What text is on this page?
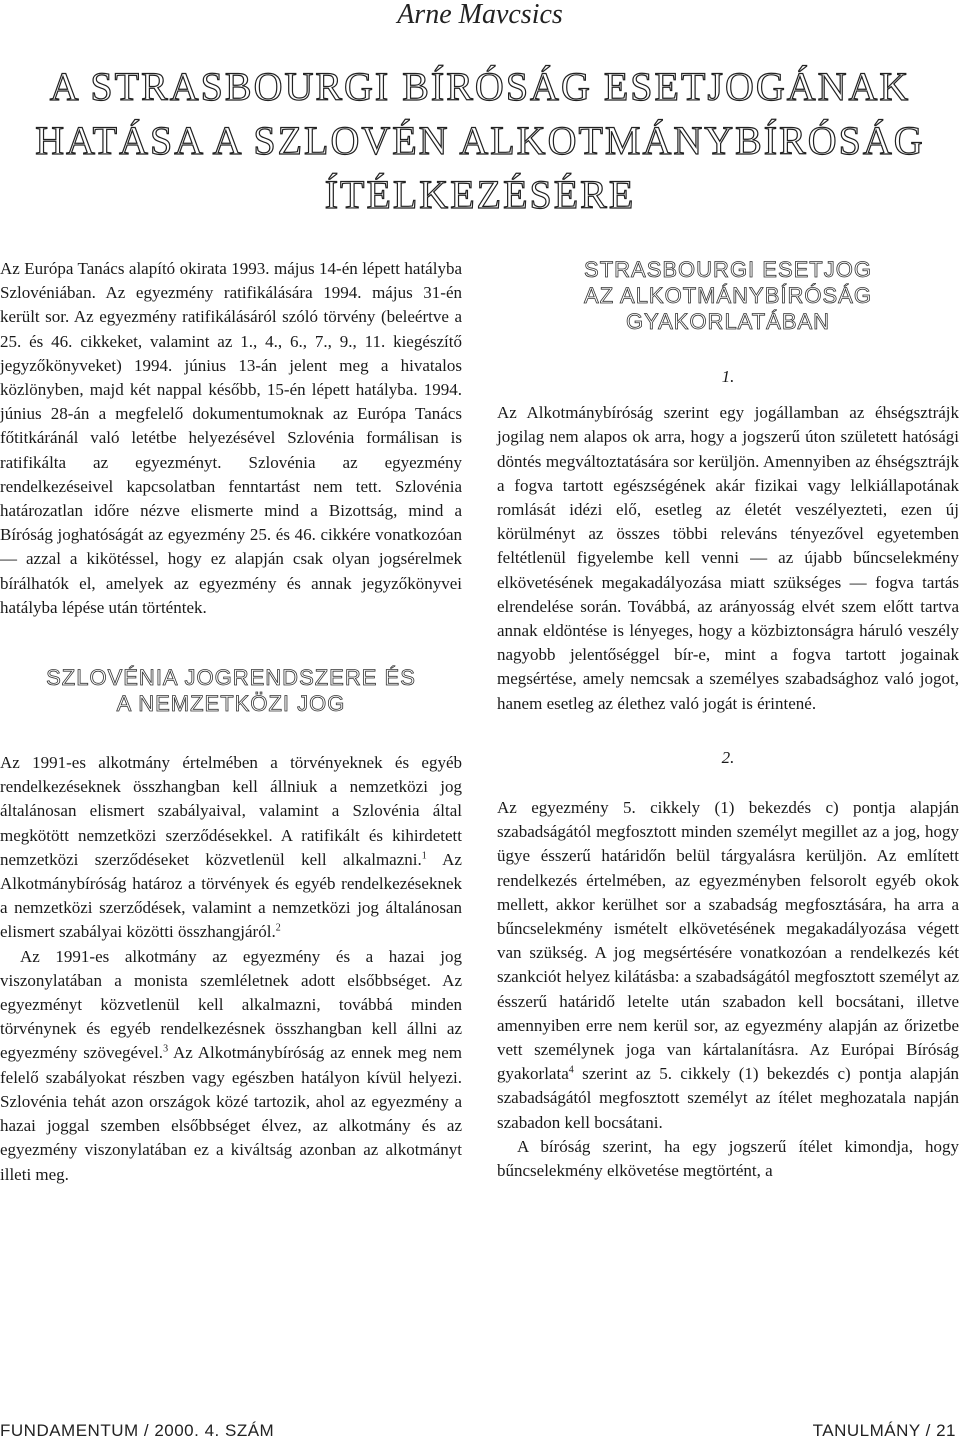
Arne Mavcsics
A STRASBOURGI BÍRÓSÁG ESETJOGÁNAK
HATÁSA A SZLOVÉN ALKOTMÁNYBÍRÓSÁG
ÍTÉLKEZÉSÉRE

Az Európa Tanács alapító okirata 1993. május 14-én lépett hatályba Szlovéniában. Az egyezmény ratifikálására 1994. május 31-én került sor. Az egyezmény ratifikálásáról szóló törvény (beleértve a 25. és 46. cikkeket, valamint az 1., 4., 6., 7., 9., 11. kiegészítő jegyzőkönyveket) 1994. június 13-án jelent meg a hivatalos közlönyben, majd két nappal később, 15-én lépett hatályba. 1994. június 28-án a megfelelő dokumentumoknak az Európa Tanács főtitkáránál való letétbe helyezésével Szlovénia formálisan is ratifikálta az egyezményt. Szlovénia az egyezmény rendelkezéseivel kapcsolatban fenntartást nem tett. Szlovénia határozatlan időre nézve elismerte mind a Bizottság, mind a Bíróság joghatóságát az egyezmény 25. és 46. cikkére vonatkozóan — azzal a kikötéssel, hogy ez alapján csak olyan jogsérelmek bírálhatók el, amelyek az egyezmény és annak jegyzőkönyvei hatályba lépése után történtek.

SZLOVÉNIA JOGRENDSZERE ÉS
A NEMZETKÖZI JOG

Az 1991-es alkotmány értelmében a törvényeknek és egyéb rendelkezéseknek összhangban kell állniuk a nemzetközi jog általánosan elismert szabályaival, valamint a Szlovénia által megkötött nemzetközi szerződésekkel. A ratifikált és kihirdetett nemzetközi szerződéseket közvetlenül kell alkalmazni.$^1$ Az Alkotmánybíróság határoz a törvények és egyéb rendelkezéseknek a nemzetközi szerződések, valamint a nemzetközi jog általánosan elismert szabályai közötti összhangjáról.$^2$

Az 1991-es alkotmány az egyezmény és a hazai jog viszonylatában a monista szemléletnek adott elsőbbséget. Az egyezményt közvetlenül kell alkalmazni, továbbá minden törvénynek és egyéb rendelkezésnek összhangban kell állni az egyezmény szövegével.$^3$ Az Alkotmánybíróság az ennek meg nem felelő szabályokat részben vagy egészben hatályon kívül helyezi. Szlovénia tehát azon országok közé tartozik, ahol az egyezmény a hazai joggal szemben elsőbbséget élvez, az alkotmány és az egyezmény viszonylatában ez a kiváltság azonban az alkotmányt illeti meg.

STRASBOURGI ESETJOG
AZ ALKOTMÁNYBÍRÓSÁG
GYAKORLATÁBAN

1.

Az Alkotmánybíróság szerint egy jogállamban az éhségsztrájk jogilag nem alapos ok arra, hogy a jogszerű úton született hatósági döntés megváltoztatására sor kerüljön. Amennyiben az éhségsztrájk a fogva tartott egészségének akár fizikai vagy lelkiállapotának romlását idézi elő, esetleg az életét veszélyezteti, ezen új körülményt az összes többi releváns tényezővel egyetemben feltétlenül figyelembe kell venni — az újabb bűncselekmény elkövetésének megakadályozása miatt szükséges — fogva tartás elrendelése során. Továbbá, az arányosság elvét szem előtt tartva annak eldöntése is lényeges, hogy a közbiztonságra háruló veszély nagyobb jelentőséggel bír-e, mint a fogva tartott jogainak megsértése, amely nemcsak a személyes szabadsághoz való jogot, hanem esetleg az élethez való jogát is érintené.

2.

Az egyezmény 5. cikkely (1) bekezdés c) pontja alapján szabadságától megfosztott minden személyt megillet az a jog, hogy ügye ésszerű határidőn belül tárgyalásra kerüljön. Az említett rendelkezés értelmében, az egyezményben felsorolt egyéb okok mellett, akkor kerülhet sor a szabadság megfosztására, ha arra a bűncselekmény ismételt elkövetésének megakadályozása végett van szükség. A jog megsértésére vonatkozóan a rendelkezés két szankciót helyez kilátásba: a szabadságától megfosztott személyt az ésszerű határidő letelte után szabadon kell bocsátani, illetve amennyiben erre nem kerül sor, az egyezmény alapján az őrizetbe vett személynek joga van kártalanításra. Az Európai Bíróság gyakorlata$^4$ szerint az 5. cikkely (1) bekezdés c) pontja alapján szabadságától megfosztott személyt az ítélet meghozatala napján szabadon kell bocsátani.

A bíróság szerint, ha egy jogszerű ítélet kimondja, hogy bűncselekmény elkövetése megtörtént, a

FUNDAMENTUM / 2000. 4. SZÁM	TANULMÁNY / 21
